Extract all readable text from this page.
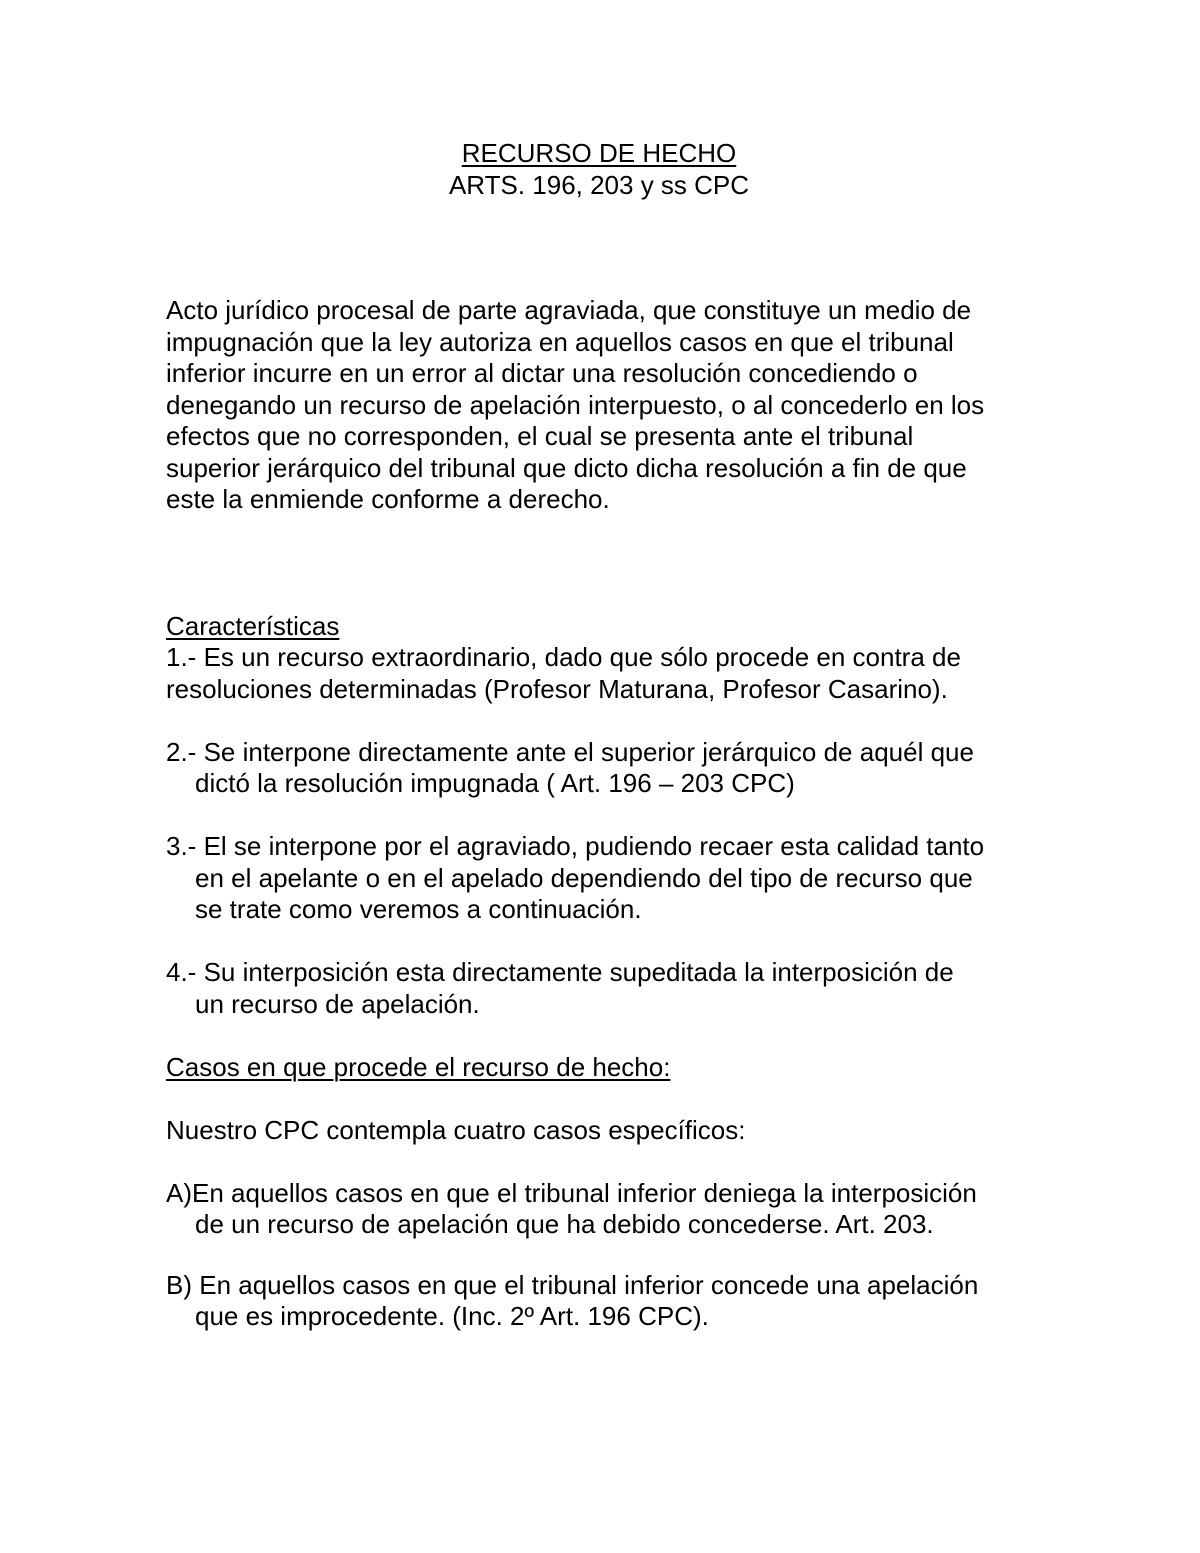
RECURSO DE HECHO
ARTS. 196, 203 y ss CPC
Acto jurídico procesal de parte agraviada, que constituye un medio de
impugnación que la ley autoriza en aquellos casos en que el tribunal
inferior incurre en un error al dictar una resolución concediendo o
denegando un recurso de apelación interpuesto, o al concederlo en los
efectos que no corresponden, el cual se presenta ante el tribunal
superior jerárquico del tribunal que dicto dicha resolución a fin de que
este la enmiende conforme a derecho.
Características
1.- Es un recurso extraordinario, dado que sólo procede en contra de
resoluciones determinadas (Profesor Maturana, Profesor Casarino).
2.- Se interpone directamente ante el superior jerárquico de aquél que
dictó la resolución impugnada ( Art. 196 – 203 CPC)
3.- El se interpone por el agraviado, pudiendo recaer esta calidad tanto
en el apelante o en el apelado dependiendo del tipo de recurso que
se trate como veremos a continuación.
4.- Su interposición esta directamente supeditada la interposición de
un recurso de apelación.
Casos en que procede el recurso de hecho:
Nuestro CPC contempla cuatro casos específicos:
A)En aquellos casos en que el tribunal inferior deniega la interposición
de un recurso de apelación que ha debido concederse. Art. 203.
B) En aquellos casos en que el tribunal inferior concede una apelación
que es improcedente. (Inc. 2º Art. 196 CPC).
